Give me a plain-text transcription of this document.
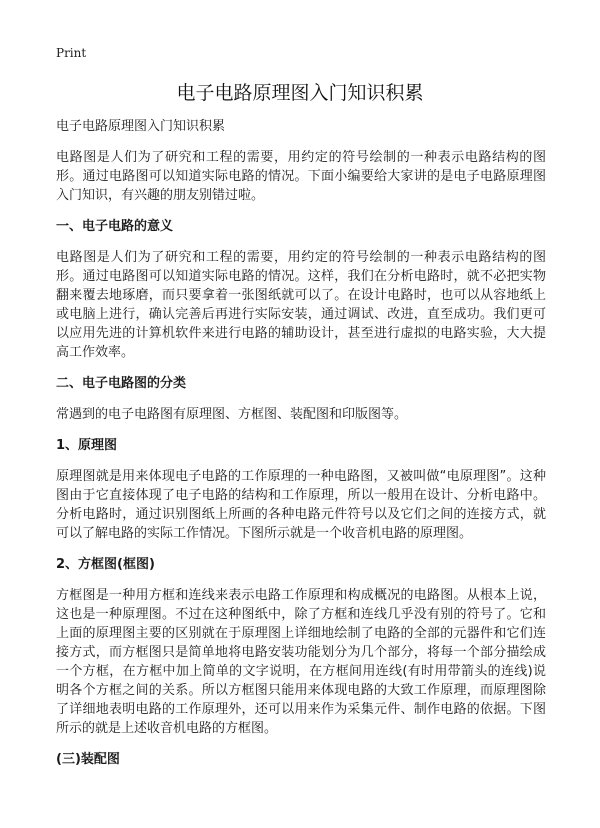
Print
电子电路原理图入门知识积累

电子电路原理图入门知识积累

电路图是人们为了研究和工程的需要，用约定的符号绘制的一种表示电路结构的图形。通过电路图可以知道实际电路的情况。下面小编要给大家讲的是电子电路原理图入门知识，有兴趣的朋友别错过啦。

一、电子电路的意义

电路图是人们为了研究和工程的需要，用约定的符号绘制的一种表示电路结构的图形。通过电路图可以知道实际电路的情况。这样，我们在分析电路时，就不必把实物翻来覆去地琢磨，而只要拿着一张图纸就可以了。在设计电路时，也可以从容地纸上或电脑上进行，确认完善后再进行实际安装，通过调试、改进，直至成功。我们更可以应用先进的计算机软件来进行电路的辅助设计，甚至进行虚拟的电路实验，大大提高工作效率。

二、电子电路图的分类

常遇到的电子电路图有原理图、方框图、装配图和印版图等。

1、原理图

原理图就是用来体现电子电路的工作原理的一种电路图，又被叫做“电原理图”。这种图由于它直接体现了电子电路的结构和工作原理，所以一般用在设计、分析电路中。分析电路时，通过识别图纸上所画的各种电路元件符号以及它们之间的连接方式，就可以了解电路的实际工作情况。下图所示就是一个收音机电路的原理图。

2、方框图(框图)

方框图是一种用方框和连线来表示电路工作原理和构成概况的电路图。从根本上说，这也是一种原理图。不过在这种图纸中，除了方框和连线几乎没有别的符号了。它和上面的原理图主要的区别就在于原理图上详细地绘制了电路的全部的元器件和它们连接方式，而方框图只是简单地将电路安装功能划分为几个部分，将每一个部分描绘成一个方框，在方框中加上简单的文字说明，在方框间用连线(有时用带箭头的连线)说明各个方框之间的关系。所以方框图只能用来体现电路的大致工作原理，而原理图除了详细地表明电路的工作原理外，还可以用来作为采集元件、制作电路的依据。下图所示的就是上述收音机电路的方框图。

(三)装配图
